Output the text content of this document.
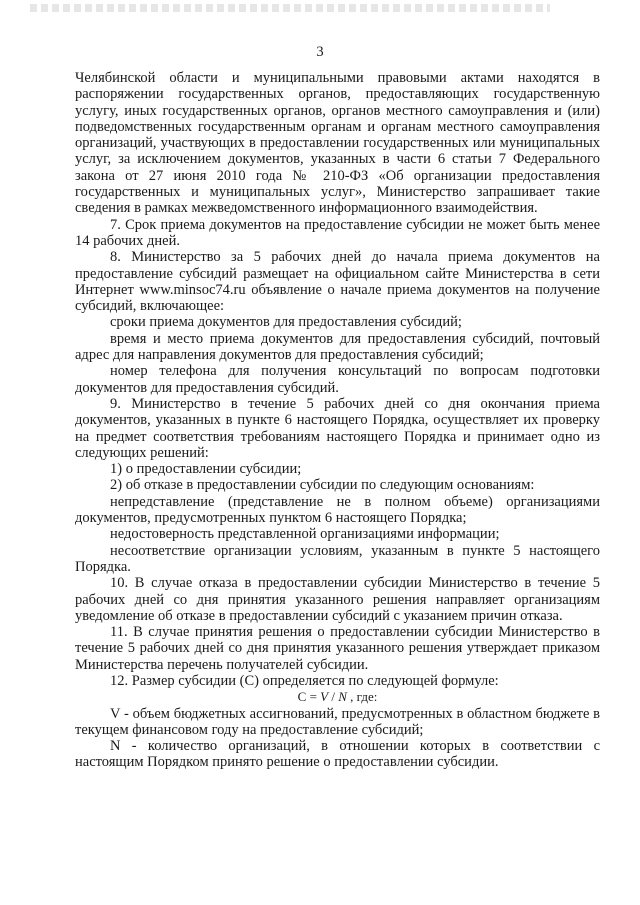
3

Челябинской области и муниципальными правовыми актами находятся в распоряжении государственных органов, предоставляющих государственную услугу, иных государственных органов, органов местного самоуправления и (или) подведомственных государственным органам и органам местного самоуправления организаций, участвующих в предоставлении государственных или муниципальных услуг, за исключением документов, указанных в части 6 статьи 7 Федерального закона от 27 июня 2010 года № 210-ФЗ «Об организации предоставления государственных и муниципальных услуг», Министерство запрашивает такие сведения в рамках межведомственного информационного взаимодействия.

7. Срок приема документов на предоставление субсидии не может быть менее 14 рабочих дней.

8. Министерство за 5 рабочих дней до начала приема документов на предоставление субсидий размещает на официальном сайте Министерства в сети Интернет www.minsoc74.ru объявление о начале приема документов на получение субсидий, включающее:

сроки приема документов для предоставления субсидий;

время и место приема документов для предоставления субсидий, почтовый адрес для направления документов для предоставления субсидий;

номер телефона для получения консультаций по вопросам подготовки документов для предоставления субсидий.

9. Министерство в течение 5 рабочих дней со дня окончания приема документов, указанных в пункте 6 настоящего Порядка, осуществляет их проверку на предмет соответствия требованиям настоящего Порядка и принимает одно из следующих решений:

1) о предоставлении субсидии;

2) об отказе в предоставлении субсидии по следующим основаниям:

непредставление (представление не в полном объеме) организациями документов, предусмотренных пунктом 6 настоящего Порядка;

недостоверность представленной организациями информации;

несоответствие организации условиям, указанным в пункте 5 настоящего Порядка.

10. В случае отказа в предоставлении субсидии Министерство в течение 5 рабочих дней со дня принятия указанного решения направляет организациям уведомление об отказе в предоставлении субсидий с указанием причин отказа.

11. В случае принятия решения о предоставлении субсидии Министерство в течение 5 рабочих дней со дня принятия указанного решения утверждает приказом Министерства перечень получателей субсидии.

12. Размер субсидии (С) определяется по следующей формуле:

C = V / N , где:

V - объем бюджетных ассигнований, предусмотренных в областном бюджете в текущем финансовом году на предоставление субсидий;

N - количество организаций, в отношении которых в соответствии с настоящим Порядком принято решение о предоставлении субсидии.
